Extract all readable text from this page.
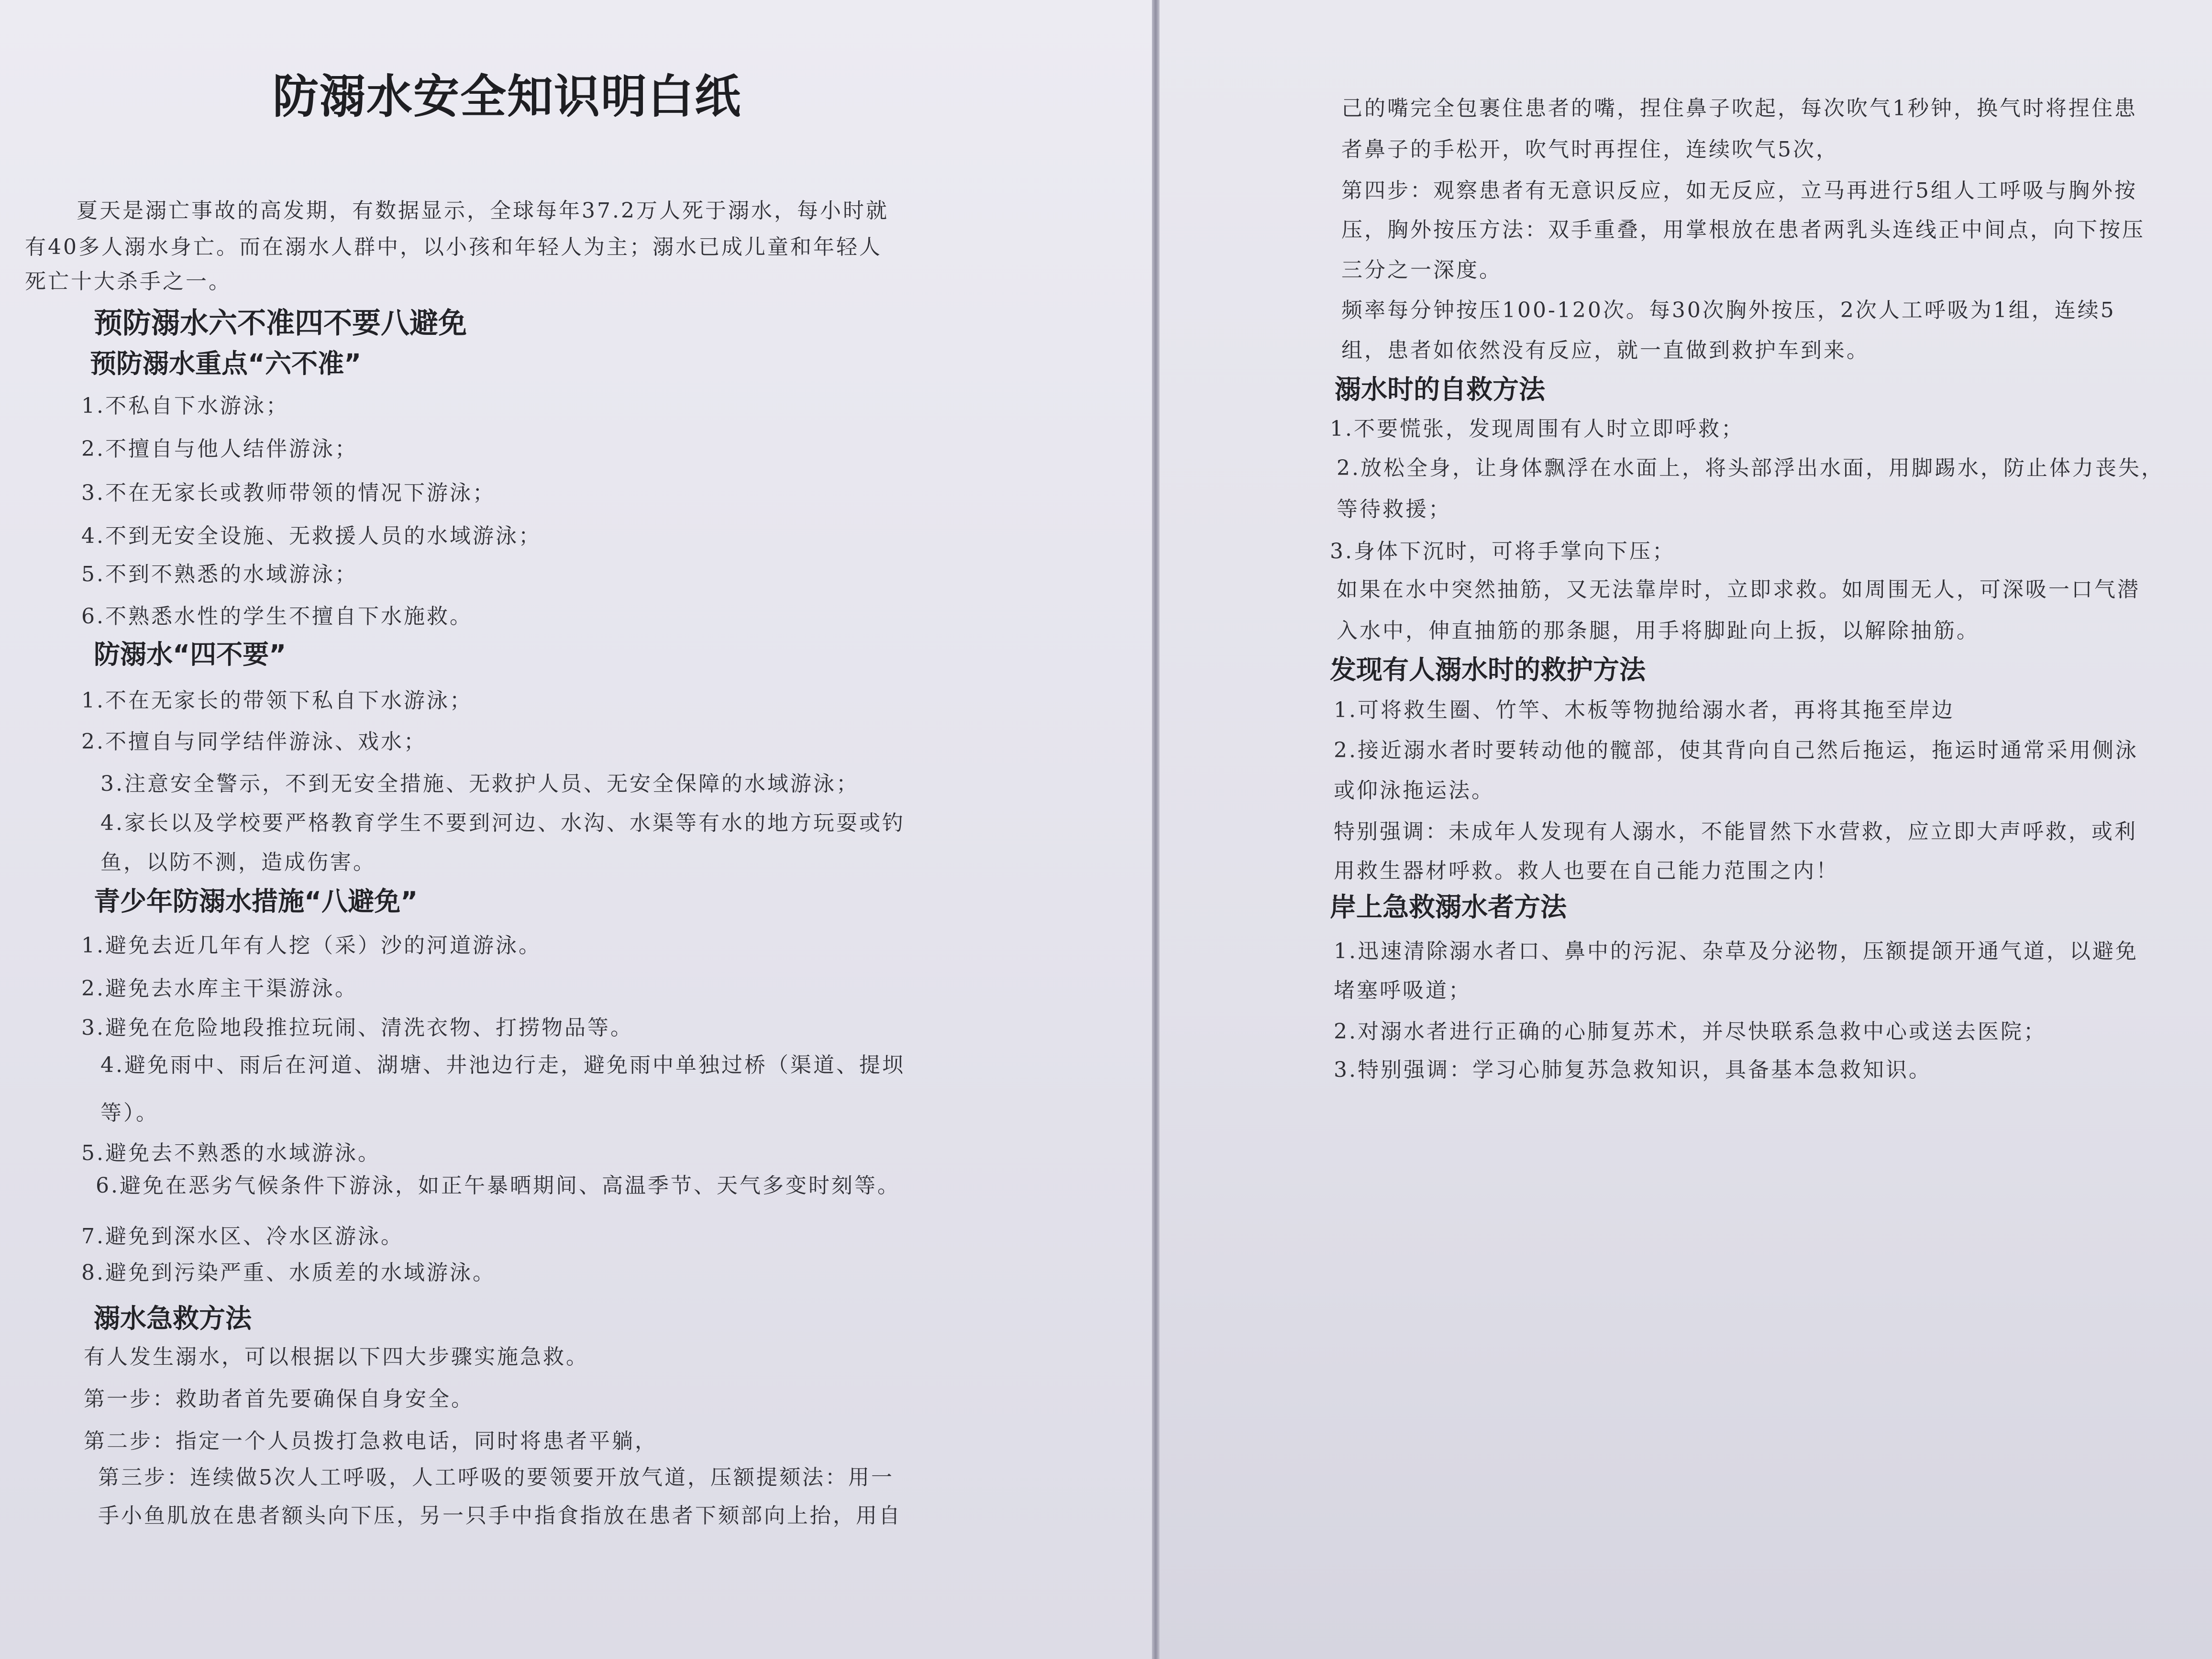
防溺水安全知识明白纸
夏天是溺亡事故的高发期，有数据显示，全球每年37.2万人死于溺水，每小时就
有40多人溺水身亡。而在溺水人群中，以小孩和年轻人为主；溺水已成儿童和年轻人
死亡十大杀手之一。
预防溺水六不准四不要八避免
预防溺水重点“六不准”
1.不私自下水游泳；
2.不擅自与他人结伴游泳；
3.不在无家长或教师带领的情况下游泳；
4.不到无安全设施、无救援人员的水域游泳；
5.不到不熟悉的水域游泳；
6.不熟悉水性的学生不擅自下水施救。
防溺水“四不要”
1.不在无家长的带领下私自下水游泳；
2.不擅自与同学结伴游泳、戏水；
3.注意安全警示，不到无安全措施、无救护人员、无安全保障的水域游泳；
4.家长以及学校要严格教育学生不要到河边、水沟、水渠等有水的地方玩耍或钓
鱼，以防不测，造成伤害。
青少年防溺水措施“八避免”
1.避免去近几年有人挖（采）沙的河道游泳。
2.避免去水库主干渠游泳。
3.避免在危险地段推拉玩闹、清洗衣物、打捞物品等。
4.避免雨中、雨后在河道、湖塘、井池边行走，避免雨中单独过桥（渠道、提坝
等）。
5.避免去不熟悉的水域游泳。
6.避免在恶劣气候条件下游泳，如正午暴晒期间、高温季节、天气多变时刻等。
7.避免到深水区、冷水区游泳。
8.避免到污染严重、水质差的水域游泳。
溺水急救方法
有人发生溺水，可以根据以下四大步骤实施急救。
第一步：救助者首先要确保自身安全。
第二步：指定一个人员拨打急救电话，同时将患者平躺，
第三步：连续做5次人工呼吸，人工呼吸的要领要开放气道，压额提颏法：用一
手小鱼肌放在患者额头向下压，另一只手中指食指放在患者下颏部向上抬，用自
己的嘴完全包裹住患者的嘴，捏住鼻子吹起，每次吹气1秒钟，换气时将捏住患
者鼻子的手松开，吹气时再捏住，连续吹气5次，
第四步：观察患者有无意识反应，如无反应，立马再进行5组人工呼吸与胸外按
压，胸外按压方法：双手重叠，用掌根放在患者两乳头连线正中间点，向下按压
三分之一深度。
频率每分钟按压100-120次。每30次胸外按压，2次人工呼吸为1组，连续5
组，患者如依然没有反应，就一直做到救护车到来。
溺水时的自救方法
1.不要慌张，发现周围有人时立即呼救；
2.放松全身，让身体飘浮在水面上，将头部浮出水面，用脚踢水，防止体力丧失，
等待救援；
3.身体下沉时，可将手掌向下压；
如果在水中突然抽筋，又无法靠岸时，立即求救。如周围无人，可深吸一口气潜
入水中，伸直抽筋的那条腿，用手将脚趾向上扳，以解除抽筋。
发现有人溺水时的救护方法
1.可将救生圈、竹竿、木板等物抛给溺水者，再将其拖至岸边
2.接近溺水者时要转动他的髋部，使其背向自己然后拖运，拖运时通常采用侧泳
或仰泳拖运法。
特别强调：未成年人发现有人溺水，不能冒然下水营救，应立即大声呼救，或利
用救生器材呼救。救人也要在自己能力范围之内！
岸上急救溺水者方法
1.迅速清除溺水者口、鼻中的污泥、杂草及分泌物，压额提颌开通气道，以避免
堵塞呼吸道；
2.对溺水者进行正确的心肺复苏术，并尽快联系急救中心或送去医院；
3.特别强调：学习心肺复苏急救知识，具备基本急救知识。
